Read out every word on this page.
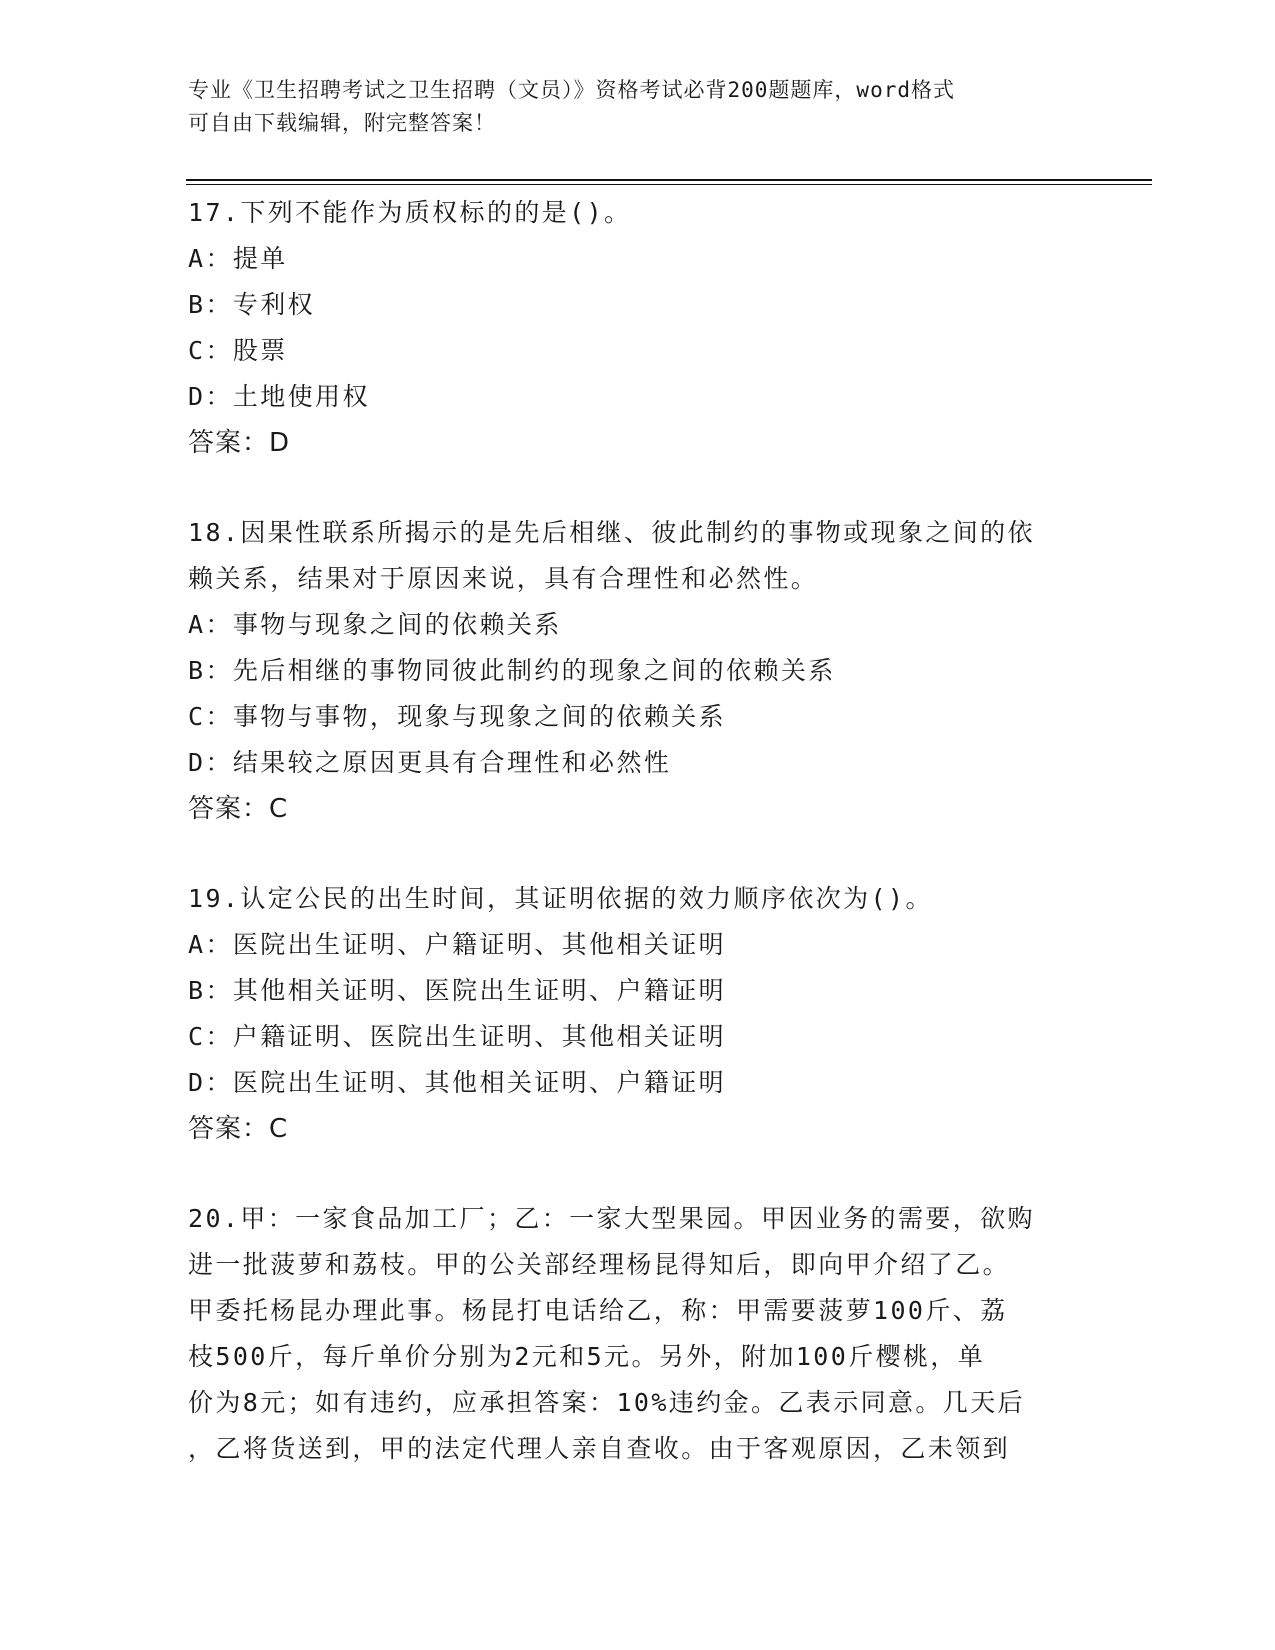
专业《卫生招聘考试之卫生招聘（文员）》资格考试必背200题题库，word格式
可自由下载编辑，附完整答案！
17.下列不能作为质权标的的是()。
A：提单
B：专利权
C：股票
D：土地使用权
答案：D
18.因果性联系所揭示的是先后相继、彼此制约的事物或现象之间的依
赖关系，结果对于原因来说，具有合理性和必然性。
A：事物与现象之间的依赖关系
B：先后相继的事物同彼此制约的现象之间的依赖关系
C：事物与事物，现象与现象之间的依赖关系
D：结果较之原因更具有合理性和必然性
答案：C
19.认定公民的出生时间，其证明依据的效力顺序依次为()。
A：医院出生证明、户籍证明、其他相关证明
B：其他相关证明、医院出生证明、户籍证明
C：户籍证明、医院出生证明、其他相关证明
D：医院出生证明、其他相关证明、户籍证明
答案：C
20.甲：一家食品加工厂；乙：一家大型果园。甲因业务的需要，欲购
进一批菠萝和荔枝。甲的公关部经理杨昆得知后，即向甲介绍了乙。
甲委托杨昆办理此事。杨昆打电话给乙，称：甲需要菠萝100斤、荔
枝500斤，每斤单价分别为2元和5元。另外，附加100斤樱桃，单
价为8元；如有违约，应承担答案：10%违约金。乙表示同意。几天后
，乙将货送到，甲的法定代理人亲自查收。由于客观原因，乙未领到
